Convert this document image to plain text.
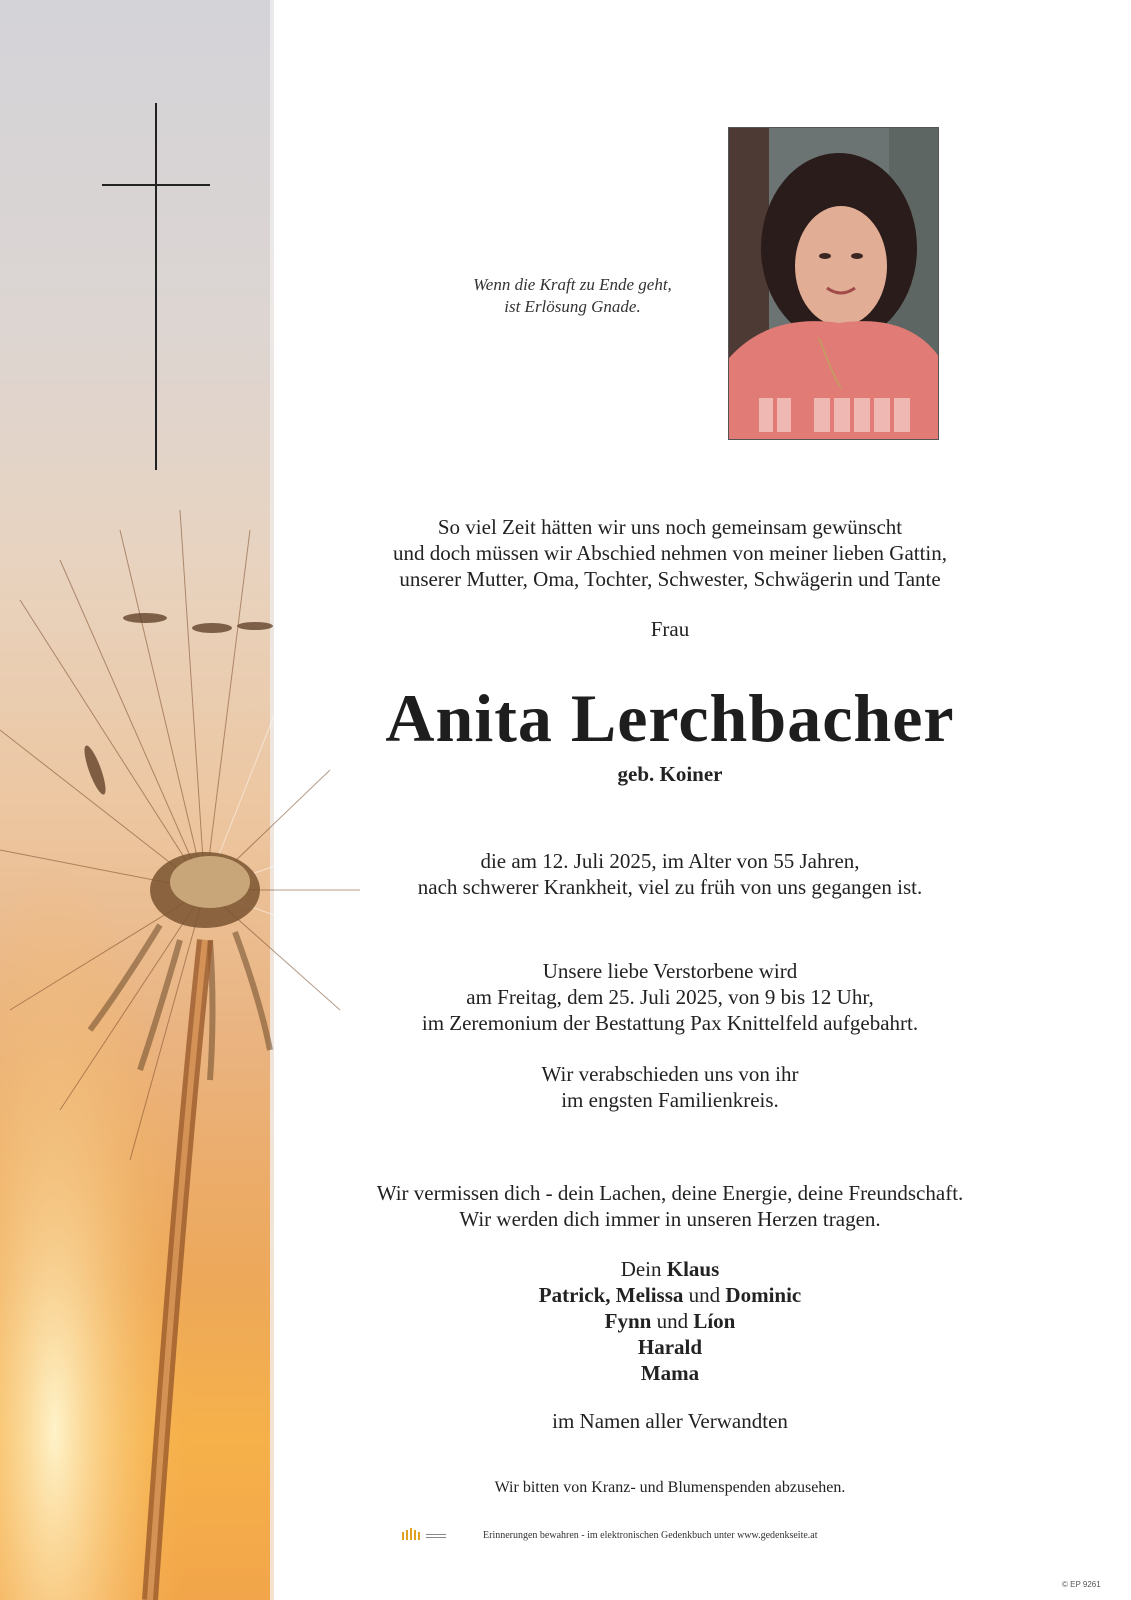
Wenn die Kraft zu Ende geht,
ist Erlösung Gnade.
So viel Zeit hätten wir uns noch gemeinsam gewünscht
und doch müssen wir Abschied nehmen von meiner lieben Gattin,
unserer Mutter, Oma, Tochter, Schwester, Schwägerin und Tante
Frau
Anita Lerchbacher
geb. Koiner
die am 12. Juli 2025, im Alter von 55 Jahren,
nach schwerer Krankheit, viel zu früh von uns gegangen ist.
Unsere liebe Verstorbene wird
am Freitag, dem 25. Juli 2025, von 9 bis 12 Uhr,
im Zeremonium der Bestattung Pax Knittelfeld aufgebahrt.
Wir verabschieden uns von ihr
im engsten Familienkreis.
Wir vermissen dich - dein Lachen, deine Energie, deine Freundschaft.
Wir werden dich immer in unseren Herzen tragen.
Dein Klaus
Patrick, Melissa und Dominic
Fynn und Líon
Harald
Mama
im Namen aller Verwandten
Wir bitten von Kranz- und Blumenspenden abzusehen.
Erinnerungen bewahren - im elektronischen Gedenkbuch unter www.gedenkseite.at
© EP 9261
